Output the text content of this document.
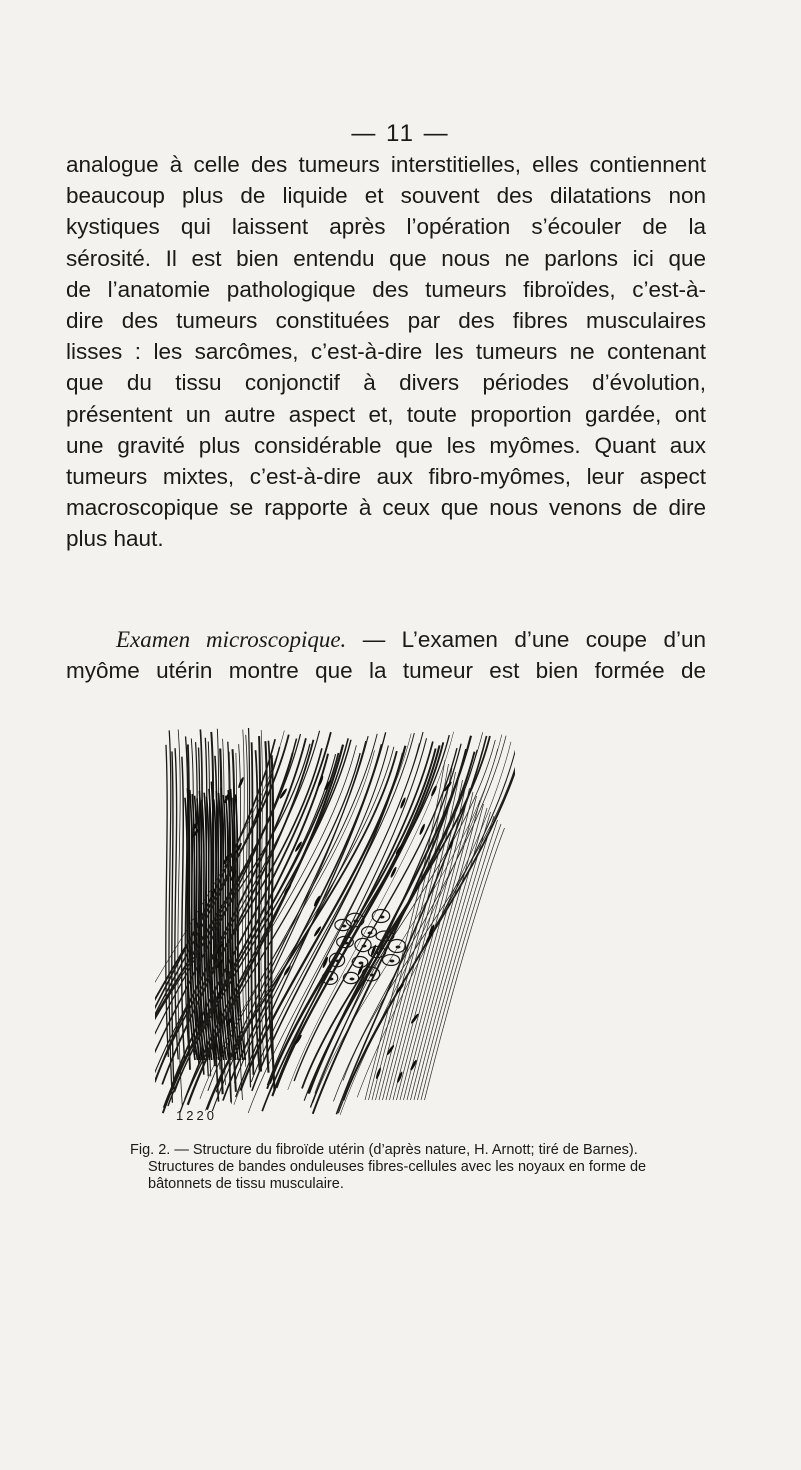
— 11 —
analogue à celle des tumeurs interstitielles, elles contiennent
beaucoup plus de liquide et souvent des dilatations non
kystiques qui laissent après l’opération s’écouler de la
sérosité. Il est bien entendu que nous ne parlons ici que
de l’anatomie pathologique des tumeurs fibroïdes, c’est-à-
dire des tumeurs constituées par des fibres musculaires
lisses : les sarcômes, c’est-à-dire les tumeurs ne contenant
que du tissu conjonctif à divers périodes d’évolution,
présentent un autre aspect et, toute proportion gardée, ont
une gravité plus considérable que les myômes. Quant aux
tumeurs mixtes, c’est-à-dire aux fibro-myômes, leur aspect
macroscopique se rapporte à ceux que nous venons de dire
plus haut.
Examen microscopique. — L’examen d’une coupe d’un
myôme utérin montre que la tumeur est bien formée de
1220
Fig. 2. — Structure du fibroïde utérin (d’après nature, H. Arnott; tiré de Barnes).
Structures de bandes onduleuses fibres-cellules avec les noyaux en forme de
bâtonnets de tissu musculaire.
